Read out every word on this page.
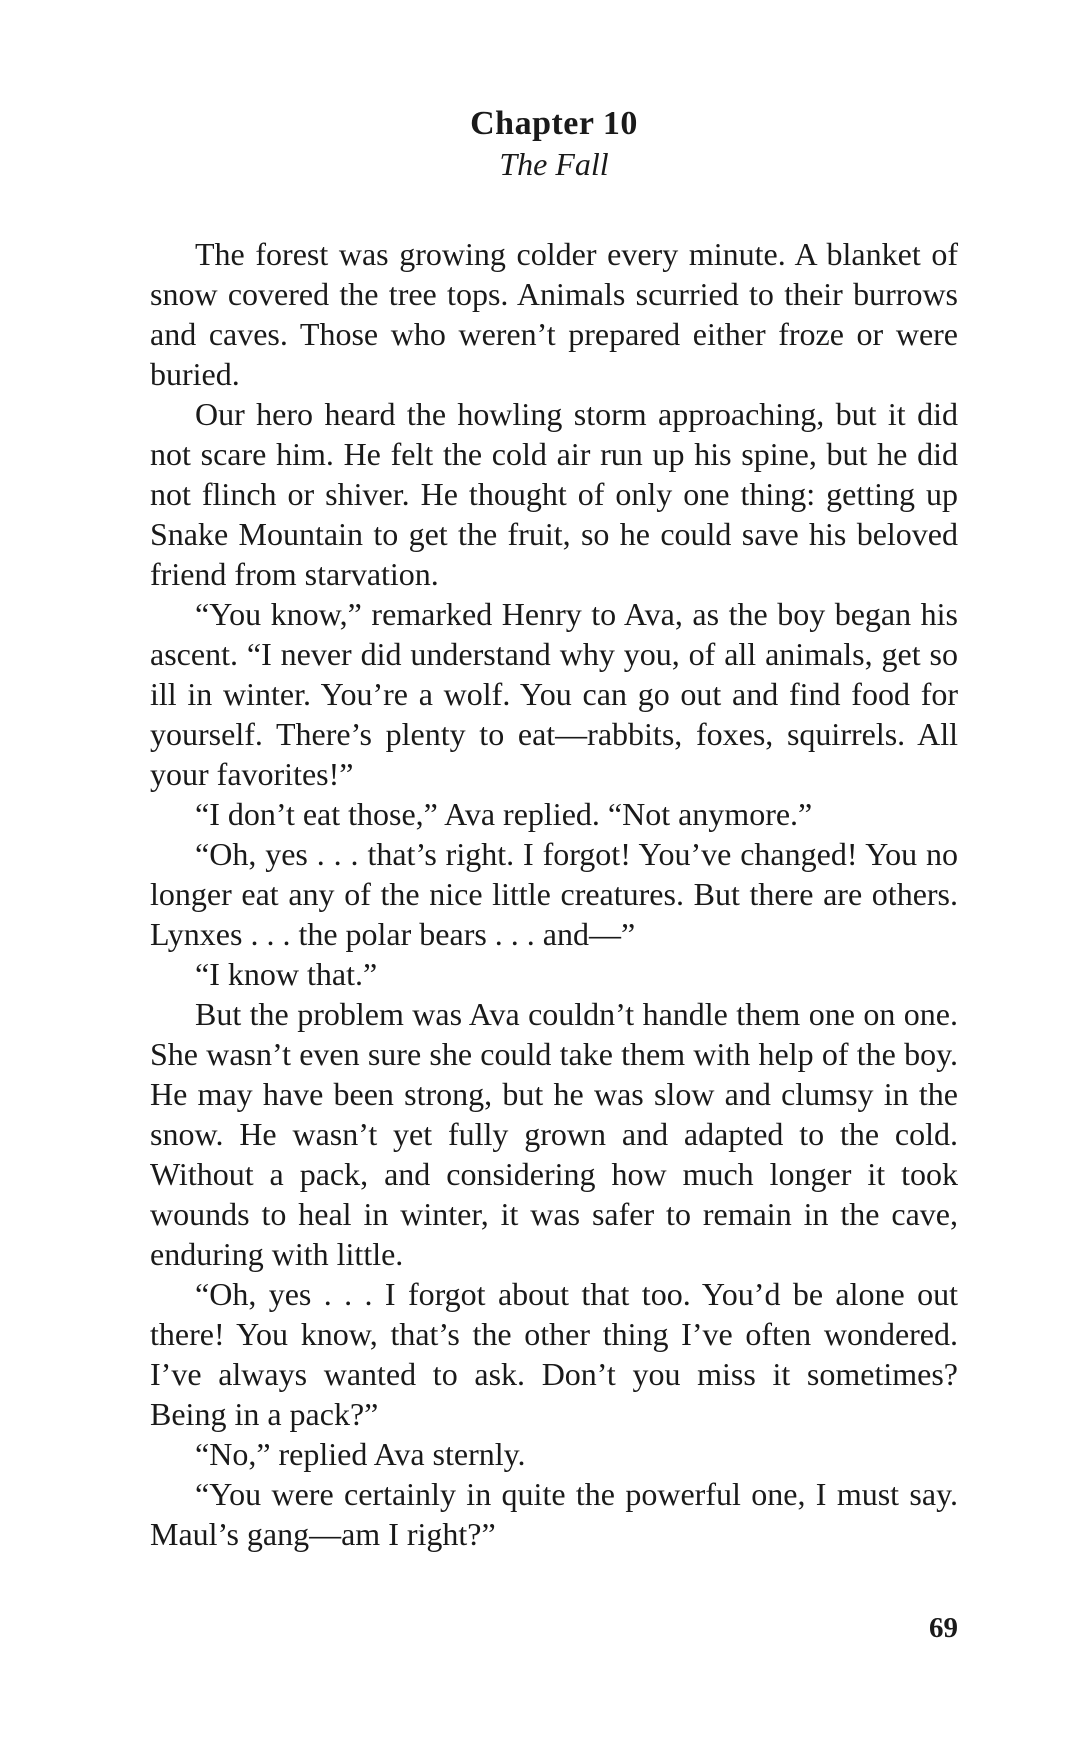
Chapter 10
The Fall

The forest was growing colder every minute. A blanket of snow covered the tree tops. Animals scurried to their burrows and caves. Those who weren’t prepared either froze or were buried.

Our hero heard the howling storm approaching, but it did not scare him. He felt the cold air run up his spine, but he did not flinch or shiver. He thought of only one thing: getting up Snake Mountain to get the fruit, so he could save his beloved friend from starvation.

“You know,” remarked Henry to Ava, as the boy began his ascent. “I never did understand why you, of all animals, get so ill in winter. You’re a wolf. You can go out and find food for yourself. There’s plenty to eat—rabbits, foxes, squirrels. All your favorites!”

“I don’t eat those,” Ava replied. “Not anymore.”

“Oh, yes . . . that’s right. I forgot! You’ve changed! You no longer eat any of the nice little creatures. But there are others. Lynxes . . . the polar bears . . . and—”

“I know that.”

But the problem was Ava couldn’t handle them one on one. She wasn’t even sure she could take them with help of the boy. He may have been strong, but he was slow and clumsy in the snow. He wasn’t yet fully grown and adapted to the cold. Without a pack, and considering how much longer it took wounds to heal in winter, it was safer to remain in the cave, enduring with little.

“Oh, yes . . . I forgot about that too. You’d be alone out there! You know, that’s the other thing I’ve often wondered. I’ve always wanted to ask. Don’t you miss it sometimes? Being in a pack?”

“No,” replied Ava sternly.

“You were certainly in quite the powerful one, I must say. Maul’s gang—am I right?”

69
